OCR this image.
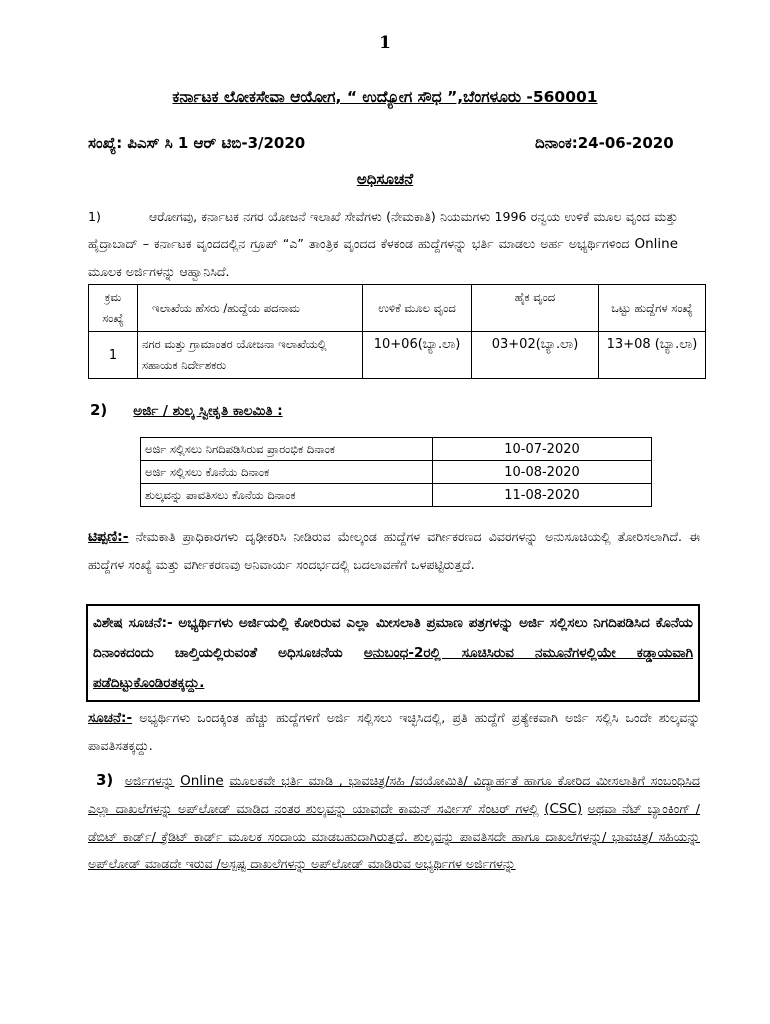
1
ಕರ್ನಾಟಕ ಲೋಕಸೇವಾ ಆಯೋಗ, “ ಉದ್ಯೋಗ ಸೌಧ ”,ಬೆಂಗಳೂರು -560001
ಸಂಖ್ಯೆ: ಪಿಎಸ್ ಸಿ 1 ಆರ್ ಟಿಬಿ-3/2020	ದಿನಾಂಕ:24-06-2020
ಅಧಿಸೂಚನೆ
1)	ಆರೋಗವು, ಕರ್ನಾಟಕ ನಗರ ಯೋಜನೆ ಇಲಾಖೆ ಸೇವೆಗಳು (ನೇಮಕಾತಿ) ನಿಯಮಗಳು 1996 ರನ್ವಯ ಉಳಿಕೆ ಮೂಲ ವೃಂದ ಮತ್ತು ಹೈದ್ರಾಬಾದ್ – ಕರ್ನಾಟಕ ವೃಂದದಲ್ಲಿನ ಗ್ರೂಪ್ “ಎ” ತಾಂತ್ರಿಕ ವೃಂದದ ಕೆಳಕಂಡ ಹುದ್ದೆಗಳನ್ನು ಭರ್ತಿ ಮಾಡಲು ಅರ್ಹ ಅಭ್ಯರ್ಥಿಗಳಿಂದ Online ಮೂಲಕ ಅರ್ಜಿಗಳನ್ನು ಆಹ್ವಾನಿಸಿದೆ.
ಕ್ರಮ ಸಂಖ್ಯೆ	ಇಲಾಖೆಯ ಹೆಸರು /ಹುದ್ದೆಯ ಪದನಾಮ	ಉಳಿಕೆ ಮೂಲ ವೃಂದ	ಹೈಕ ವೃಂದ	ಒಟ್ಟು ಹುದ್ದೆಗಳ ಸಂಖ್ಯೆ
1	ನಗರ ಮತ್ತು ಗ್ರಾಮಾಂತರ ಯೋಜನಾ ಇಲಾಖೆಯಲ್ಲಿ ಸಹಾಯಕ ನಿರ್ದೇಶಕರು	10+06(ಬ್ಯಾ.ಲಾ)	03+02(ಬ್ಯಾ.ಲಾ)	13+08 (ಬ್ಯಾ.ಲಾ)
2) ಅರ್ಜಿ / ಶುಲ್ಕ ಸ್ವೀಕೃತಿ ಕಾಲಮಿತಿ :
ಅರ್ಜಿ ಸಲ್ಲಿಸಲು ನಿಗದಿಪಡಿಸಿರುವ ಪ್ರಾರಂಭಿಕ ದಿನಾಂಕ	10-07-2020
ಅರ್ಜಿ ಸಲ್ಲಿಸಲು ಕೊನೆಯ ದಿನಾಂಕ	10-08-2020
ಶುಲ್ಕವನ್ನು ಪಾವತಿಸಲು ಕೊನೆಯ ದಿನಾಂಕ	11-08-2020
ಟಿಪ್ಪಣಿ:- ನೇಮಕಾತಿ ಪ್ರಾಧಿಕಾರಗಳು ದೃಢೀಕರಿಸಿ ನೀಡಿರುವ ಮೇಲ್ಕಂಡ ಹುದ್ದೆಗಳ ವರ್ಗೀಕರಣದ ವಿವರಗಳನ್ನು ಅನುಸೂಚಿಯಲ್ಲಿ ತೋರಿಸಲಾಗಿದೆ. ಈ ಹುದ್ದೆಗಳ ಸಂಖ್ಯೆ ಮತ್ತು ವರ್ಗೀಕರಣವು ಅನಿವಾರ್ಯ ಸಂದರ್ಭದಲ್ಲಿ ಬದಲಾವಣೆಗೆ ಒಳಪಟ್ಟಿರುತ್ತದೆ.
ವಿಶೇಷ ಸೂಚನೆ:- ಅಭ್ಯರ್ಥಿಗಳು ಅರ್ಜಿಯಲ್ಲಿ ಕೋರಿರುವ ಎಲ್ಲಾ ಮೀಸಲಾತಿ ಪ್ರಮಾಣ ಪತ್ರಗಳನ್ನು ಅರ್ಜಿ ಸಲ್ಲಿಸಲು ನಿಗದಿಪಡಿಸಿದ ಕೊನೆಯ ದಿನಾಂಕದಂದು ಚಾಲ್ತಿಯಲ್ಲಿರುವಂತೆ ಅಧಿಸೂಚನೆಯ ಅನುಬಂಧ-2ರಲ್ಲಿ ಸೂಚಿಸಿರುವ ನಮೂನೆಗಳಲ್ಲಿಯೇ ಕಡ್ಡಾಯವಾಗಿ ಪಡೆದಿಟ್ಟುಕೊಂಡಿರತಕ್ಕದ್ದು.
ಸೂಚನೆ:- ಅಭ್ಯರ್ಥಿಗಳು ಒಂದಕ್ಕಿಂತ ಹೆಚ್ಚು ಹುದ್ದೆಗಳಿಗೆ ಅರ್ಜಿ ಸಲ್ಲಿಸಲು ಇಚ್ಛಿಸಿದಲ್ಲಿ, ಪ್ರತಿ ಹುದ್ದೆಗೆ ಪ್ರತ್ಯೇಕವಾಗಿ ಅರ್ಜಿ ಸಲ್ಲಿಸಿ ಒಂದೇ ಶುಲ್ಕವನ್ನು ಪಾವತಿಸತಕ್ಕದ್ದು.
3) ಅರ್ಜಿಗಳನ್ನು Online ಮೂಲಕವೇ ಭರ್ತಿ ಮಾಡಿ , ಭಾವಚಿತ್ರ/ಸಹಿ /ವಯೋಮಿತಿ/ ವಿದ್ಯಾರ್ಹತೆ ಹಾಗೂ ಕೋರಿದ ಮೀಸಲಾತಿಗೆ ಸಂಬಂಧಿಸಿದ ಎಲ್ಲಾ ದಾಖಲೆಗಳನ್ನು ಅಪ್‌ಲೋಡ್ ಮಾಡಿದ ನಂತರ ಶುಲ್ಕವನ್ನು ಯಾವುದೇ ಕಾಮನ್ ಸರ್ವೀಸ್ ಸೆಂಟರ್ ಗಳಲ್ಲಿ (CSC) ಅಥವಾ ನೆಟ್ ಬ್ಯಾಂಕಿಂಗ್ / ಡೆಬಿಟ್ ಕಾರ್ಡ್/ ಕ್ರೆಡಿಟ್ ಕಾರ್ಡ್ ಮೂಲಕ ಸಂದಾಯ ಮಾಡಬಹುದಾಗಿರುತ್ತದೆ. ಶುಲ್ಕವನ್ನು ಪಾವತಿಸದೇ ಹಾಗೂ ದಾಖಲೆಗಳನ್ನು/ ಭಾವಚಿತ್ರ/ ಸಹಿಯನ್ನು ಅಪ್‌ಲೋಡ್ ಮಾಡದೇ ಇರುವ /ಅಸ್ಪಷ್ಟ ದಾಖಲೆಗಳನ್ನು ಅಪ್‌ಲೋಡ್ ಮಾಡಿರುವ ಅಭ್ಯರ್ಥಿಗಳ ಅರ್ಜಿಗಳನ್ನು
